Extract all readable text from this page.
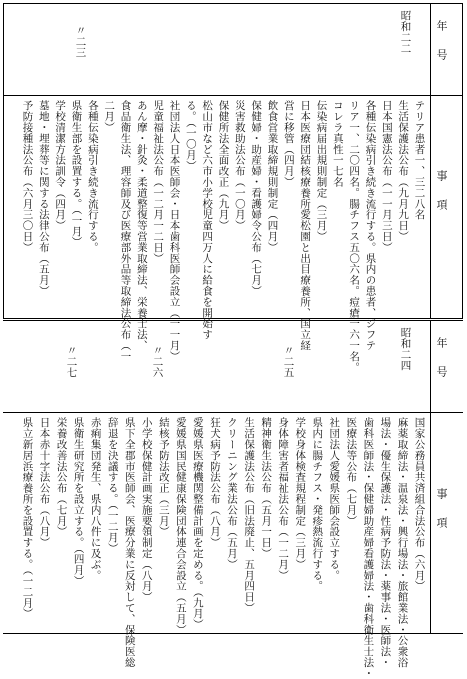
年号
事項
昭和二二
〃二三
テリア患者一、三二八名
生活保護法公布（九月九日）
日本国憲法公布（一一月三日）
各種伝染病引き続き流行する。県内の患者、ジフテ
リア一、二〇四名。腸チフス五〇六名。痘瘡一六一名。
コレラ真性一七名
伝染病届出規則制定（三月）
日本医療団結核療養所愛松園と出目療養所、国立経
営に移管（四月）
飲食営業取締規則制定（四月）
保健婦・助産婦・看護婦令公布（七月）
災害救助法公布（一〇月）
保健所法全面改正（九月）
松山市など六市小学校児童四万人に給食を開始す
る。（一〇月）
社団法人日本医師会・日本歯科医師会設立（一一月）
児童福祉法公布（一二月一二日）
あん摩・針灸・柔道整復等営業取締法、栄養士法、
食品衛生法、理容師及び医療部外品等取締法公布（一
二月）
各種伝染病引き続き流行する。
県衛生部を設置する。（一月）
学校清潔方法訓令（四月）
墓地・埋葬等に関する法律公布（五月）
予防接種法公布（六月三〇日）
年号
事項
昭和二四
〃二五
〃二六
〃二七
国家公務員共済組合法公布（六月）
麻薬取締法・温泉法・興行場法・旅館業法・公衆浴
場法・優生保護法・性病予防法・薬事法・医師法・
歯科医師法・保健婦助産婦看護婦法・歯科衛生士法・
医療法等公布（七月）
社団法人愛媛県医師会設立する。
県内に腸チフス・発疹熱流行する。
学校身体検査規程制定（三月）
身体障害者福祉法公布（一二月）
精神衛生法公布（五月一日）
生活保護法公布（旧法廃止、五月四日）
クリーニング業法公布（五月）
狂犬病予防法公布（八月）
愛媛県医療機関整備計画を定める。（九月）
愛媛県国民健康保険団体連合会設立（五月）
結核予防法改正（三月）
小学校保健計画実施要領制定（八月）
県下全郡市医師会、医療分業に反対して、保険医総
辞退を決議する。（一二月）
赤痢集団発生、県内八件に及ぶ。
県衛生研究所を設立する。（四月）
栄養改善法公布（七月）
日本赤十字法公布（八月）
県立新居浜療養所を設置する。（一二月）
